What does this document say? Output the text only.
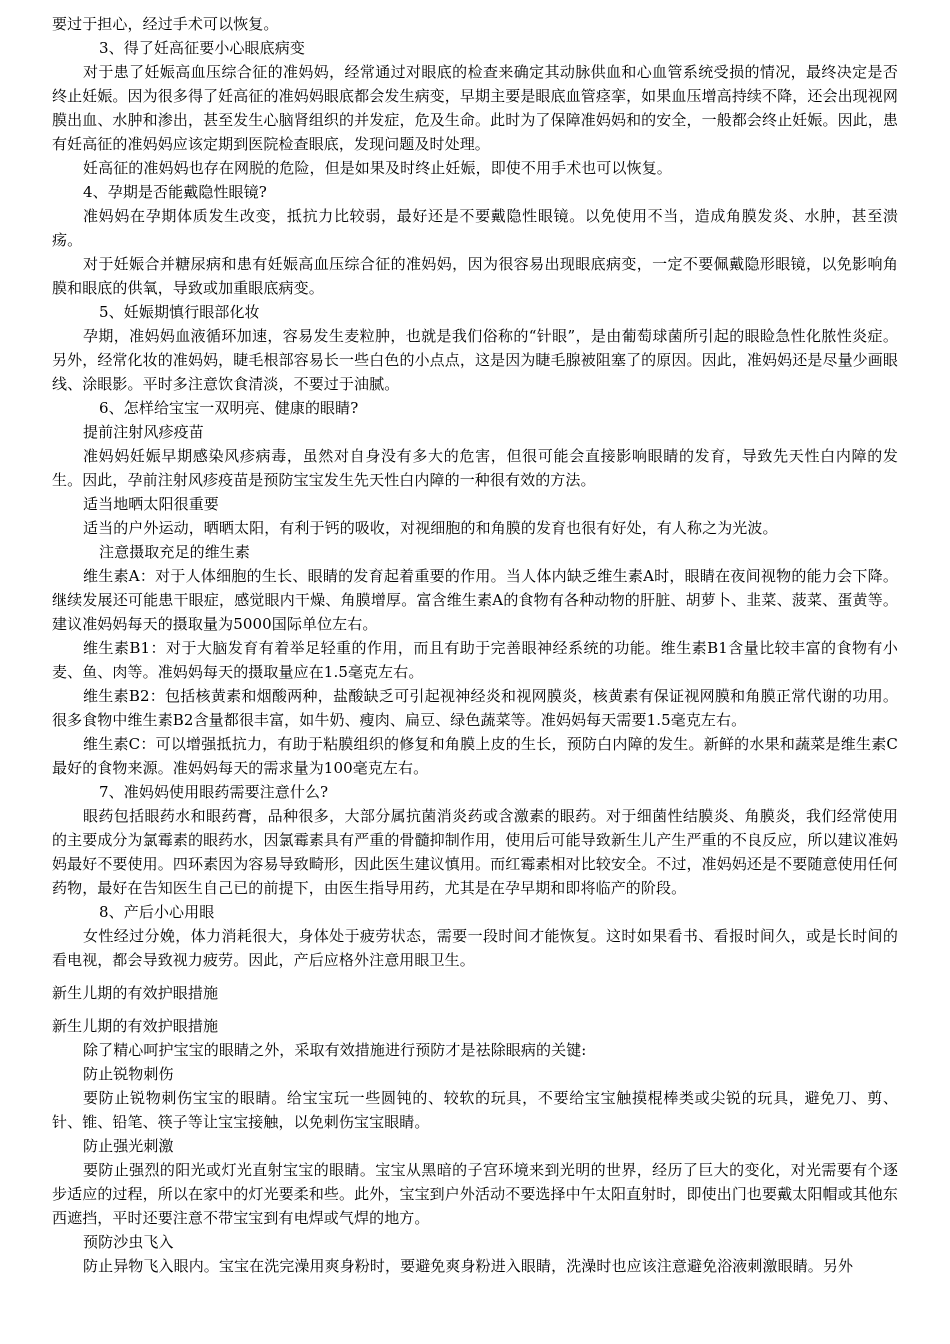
要过于担心，经过手术可以恢复。

3、得了妊高征要小心眼底病变

对于患了妊娠高血压综合征的准妈妈，经常通过对眼底的检查来确定其动脉供血和心血管系统受损的情况，最终决定是否终止妊娠。因为很多得了妊高征的准妈妈眼底都会发生病变，早期主要是眼底血管痉挛，如果血压增高持续不降，还会出现视网膜出血、水肿和渗出，甚至发生心脑肾组织的并发症，危及生命。此时为了保障准妈妈和的安全，一般都会终止妊娠。因此，患有妊高征的准妈妈应该定期到医院检查眼底，发现问题及时处理。

妊高征的准妈妈也存在网脱的危险，但是如果及时终止妊娠，即使不用手术也可以恢复。

4、孕期是否能戴隐性眼镜?

准妈妈在孕期体质发生改变，抵抗力比较弱，最好还是不要戴隐性眼镜。以免使用不当，造成角膜发炎、水肿，甚至溃疡。

对于妊娠合并糖尿病和患有妊娠高血压综合征的准妈妈，因为很容易出现眼底病变，一定不要佩戴隐形眼镜，以免影响角膜和眼底的供氧，导致或加重眼底病变。

5、妊娠期慎行眼部化妆

孕期，准妈妈血液循环加速，容易发生麦粒肿，也就是我们俗称的“针眼”，是由葡萄球菌所引起的眼睑急性化脓性炎症。另外，经常化妆的准妈妈，睫毛根部容易长一些白色的小点点，这是因为睫毛腺被阻塞了的原因。因此，准妈妈还是尽量少画眼线、涂眼影。平时多注意饮食清淡，不要过于油腻。

6、怎样给宝宝一双明亮、健康的眼睛?

提前注射风疹疫苗

准妈妈妊娠早期感染风疹病毒，虽然对自身没有多大的危害，但很可能会直接影响眼睛的发育，导致先天性白内障的发生。因此，孕前注射风疹疫苗是预防宝宝发生先天性白内障的一种很有效的方法。

适当地晒太阳很重要

适当的户外运动，晒晒太阳，有利于钙的吸收，对视细胞的和角膜的发育也很有好处，有人称之为光波。

注意摄取充足的维生素

维生素A：对于人体细胞的生长、眼睛的发育起着重要的作用。当人体内缺乏维生素A时，眼睛在夜间视物的能力会下降。继续发展还可能患干眼症，感觉眼内干燥、角膜增厚。富含维生素A的食物有各种动物的肝脏、胡萝卜、韭菜、菠菜、蛋黄等。建议准妈妈每天的摄取量为5000国际单位左右。

维生素B1：对于大脑发育有着举足轻重的作用，而且有助于完善眼神经系统的功能。维生素B1含量比较丰富的食物有小麦、鱼、肉等。准妈妈每天的摄取量应在1.5毫克左右。

维生素B2：包括核黄素和烟酸两种，盐酸缺乏可引起视神经炎和视网膜炎，核黄素有保证视网膜和角膜正常代谢的功用。很多食物中维生素B2含量都很丰富，如牛奶、瘦肉、扁豆、绿色蔬菜等。准妈妈每天需要1.5毫克左右。

维生素C：可以增强抵抗力，有助于粘膜组织的修复和角膜上皮的生长，预防白内障的发生。新鲜的水果和蔬菜是维生素C最好的食物来源。准妈妈每天的需求量为100毫克左右。

7、准妈妈使用眼药需要注意什么?

眼药包括眼药水和眼药膏，品种很多，大部分属抗菌消炎药或含激素的眼药。对于细菌性结膜炎、角膜炎，我们经常使用的主要成分为氯霉素的眼药水，因氯霉素具有严重的骨髓抑制作用，使用后可能导致新生儿产生严重的不良反应，所以建议准妈妈最好不要使用。四环素因为容易导致畸形，因此医生建议慎用。而红霉素相对比较安全。不过，准妈妈还是不要随意使用任何药物，最好在告知医生自己已的前提下，由医生指导用药，尤其是在孕早期和即将临产的阶段。

8、产后小心用眼

女性经过分娩，体力消耗很大，身体处于疲劳状态，需要一段时间才能恢复。这时如果看书、看报时间久，或是长时间的看电视，都会导致视力疲劳。因此，产后应格外注意用眼卫生。

新生儿期的有效护眼措施

新生儿期的有效护眼措施

除了精心呵护宝宝的眼睛之外，采取有效措施进行预防才是祛除眼病的关键:

防止锐物刺伤

要防止锐物刺伤宝宝的眼睛。给宝宝玩一些圆钝的、较软的玩具，不要给宝宝触摸棍棒类或尖锐的玩具，避免刀、剪、针、锥、铅笔、筷子等让宝宝接触，以免刺伤宝宝眼睛。

防止强光刺激

要防止强烈的阳光或灯光直射宝宝的眼睛。宝宝从黑暗的子宫环境来到光明的世界，经历了巨大的变化，对光需要有个逐步适应的过程，所以在家中的灯光要柔和些。此外，宝宝到户外活动不要选择中午太阳直射时，即使出门也要戴太阳帽或其他东西遮挡，平时还要注意不带宝宝到有电焊或气焊的地方。

预防沙虫飞入

防止异物飞入眼内。宝宝在洗完澡用爽身粉时，要避免爽身粉进入眼睛，洗澡时也应该注意避免浴液刺激眼睛。另外
